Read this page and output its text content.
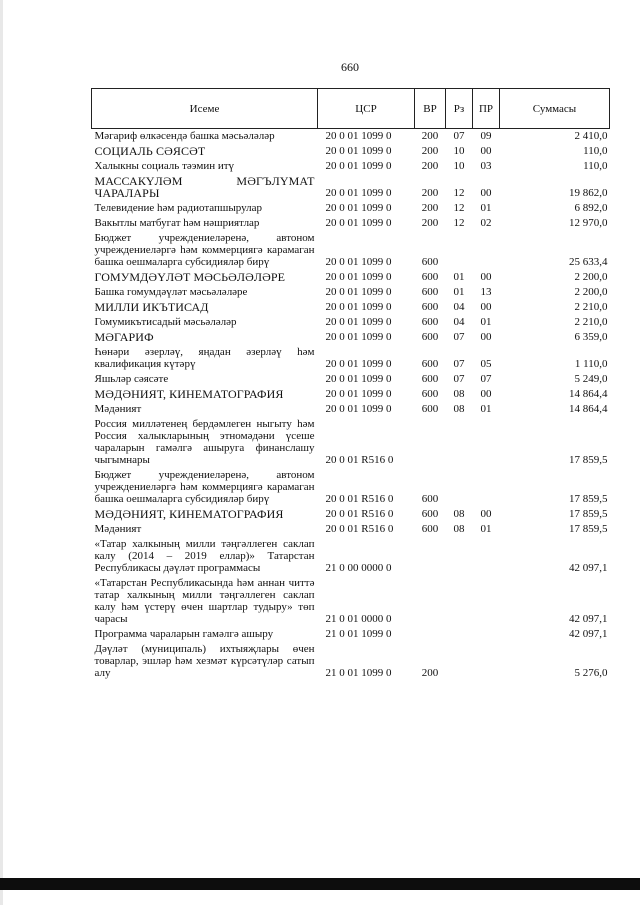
660
Исеме	ЦСР	ВР	Рз	ПР	Суммасы
Мәгариф өлкәсендә башка мәсьәләләр	20 0 01 1099 0	200	07	09	2 410,0
СОЦИАЛЬ СӘЯСӘТ	20 0 01 1099 0	200	10	00	110,0
Халыкны социаль тәэмин итү	20 0 01 1099 0	200	10	03	110,0
МАССАКҮЛӘМ МӘГЪЛҮМАТ ЧАРАЛАРЫ	20 0 01 1099 0	200	12	00	19 862,0
Телевидение һәм радиотапшырулар	20 0 01 1099 0	200	12	01	6 892,0
Вакытлы матбугат һәм нәшриятлар	20 0 01 1099 0	200	12	02	12 970,0
Бюджет учреждениеләренә, автоном учреждениеләргә һәм коммерциягә карамаган башка оешмаларга субсидияләр бирү	20 0 01 1099 0	600			25 633,4
ГОМУМДӘҮЛӘТ МӘСЬӘЛӘЛӘРЕ	20 0 01 1099 0	600	01	00	2 200,0
Башка гомумдәүләт мәсьәләләре	20 0 01 1099 0	600	01	13	2 200,0
МИЛЛИ ИКЪТИСАД	20 0 01 1099 0	600	04	00	2 210,0
Гомумикътисадый мәсьәләләр	20 0 01 1099 0	600	04	01	2 210,0
МӘГАРИФ	20 0 01 1099 0	600	07	00	6 359,0
Һөнәри әзерләү, яңадан әзерләү һәм квалификация күтәрү	20 0 01 1099 0	600	07	05	1 110,0
Яшьләр сәясәте	20 0 01 1099 0	600	07	07	5 249,0
МӘДӘНИЯТ, КИНЕМАТОГРАФИЯ	20 0 01 1099 0	600	08	00	14 864,4
Мәдәният	20 0 01 1099 0	600	08	01	14 864,4
Россия милләтенең бердәмлеген ныгыту һәм Россия халыкларының этномәдәни үсеше чараларын гамәлгә ашыруга финанслашу чыгымнары	20 0 01 R516 0				17 859,5
Бюджет учреждениеләренә, автоном учреждениеләргә һәм коммерциягә карамаган башка оешмаларга субсидияләр бирү	20 0 01 R516 0	600			17 859,5
МӘДӘНИЯТ, КИНЕМАТОГРАФИЯ	20 0 01 R516 0	600	08	00	17 859,5
Мәдәният	20 0 01 R516 0	600	08	01	17 859,5
«Татар халкының милли тәңгәллеген саклап калу (2014 – 2019 еллар)» Татарстан Республикасы дәүләт программасы	21 0 00 0000 0				42 097,1
«Татарстан Республикасында һәм аннан читтә татар халкының милли тәңгәллеген саклап калу һәм үстерү өчен шартлар тудыру» төп чарасы	21 0 01 0000 0				42 097,1
Программа чараларын гамәлгә ашыру	21 0 01 1099 0				42 097,1
Дәүләт (муниципаль) ихтыяҗлары өчен товарлар, эшләр һәм хезмәт күрсәтүләр сатып алу	21 0 01 1099 0	200			5 276,0
